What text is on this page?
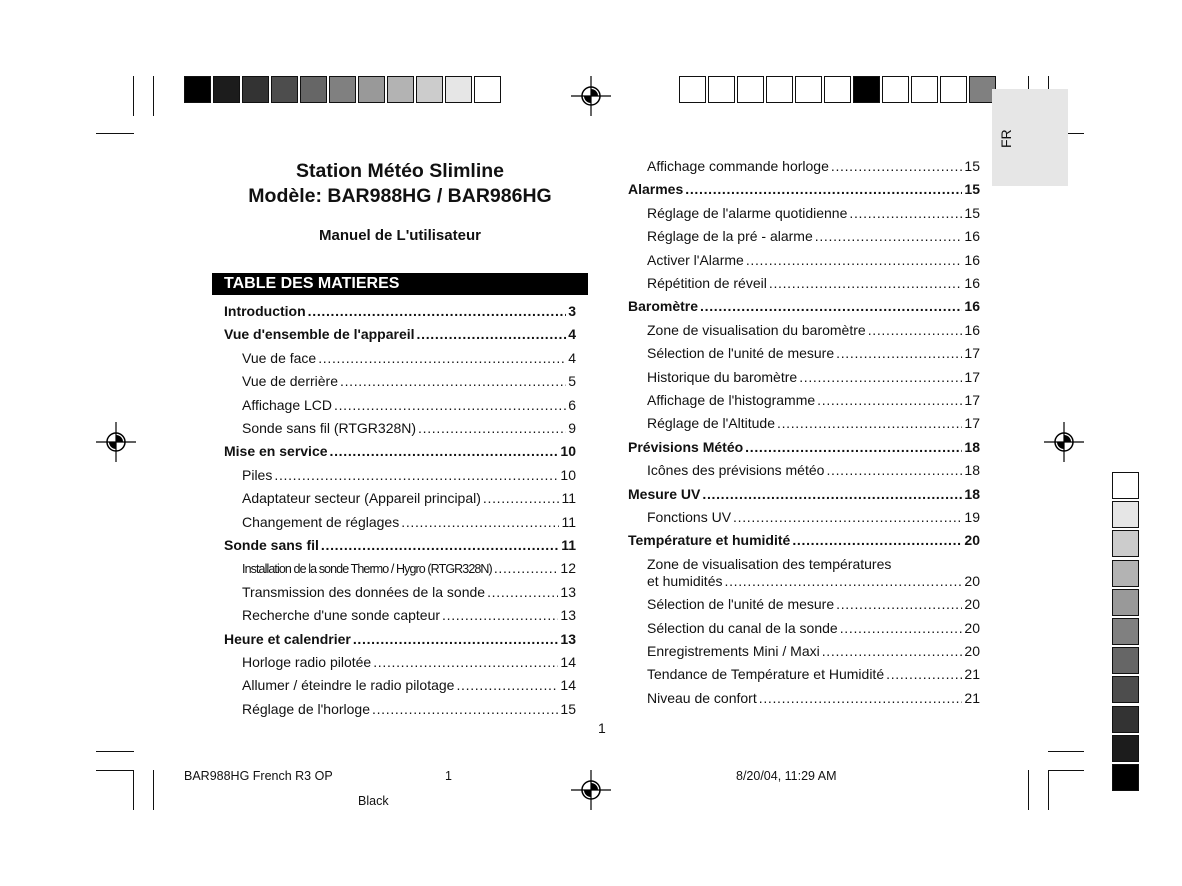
FR
Station Météo Slimline
Modèle: BAR988HG / BAR986HG
Manuel de L'utilisateur
TABLE DES MATIERES
Introduction . . .	3
Vue d'ensemble de l'appareil . . .	4
Vue de face . . .	4
Vue de derrière . . .	5
Affichage LCD . . .	6
Sonde sans fil (RTGR328N) . . .	9
Mise en service . . .	10
Piles . . .	10
Adaptateur secteur (Appareil principal) . . .	11
Changement de réglages . . .	11
Sonde sans fil . . .	11
Installation de la sonde Thermo / Hygro (RTGR328N) . . .	12
Transmission des données de la sonde . . .	13
Recherche d'une sonde capteur . . .	13
Heure et calendrier . . .	13
Horloge radio pilotée . . .	14
Allumer / éteindre le radio pilotage . . .	14
Réglage de l'horloge . . .	15
Affichage commande horloge . . .	15
Alarmes . . .	15
Réglage de l'alarme quotidienne . . .	15
Réglage de la pré - alarme . . .	16
Activer l'Alarme . . .	16
Répétition de réveil . . .	16
Baromètre . . .	16
Zone de visualisation du baromètre . . .	16
Sélection de l'unité de mesure . . .	17
Historique du baromètre . . .	17
Affichage de l'histogramme . . .	17
Réglage de l'Altitude . . .	17
Prévisions Météo . . .	18
Icônes des prévisions météo . . .	18
Mesure UV . . .	18
Fonctions UV . . .	19
Température et humidité . . .	20
Zone de visualisation des températures
et humidités . . .	20
Sélection de l'unité de mesure . . .	20
Sélection du canal de la sonde . . .	20
Enregistrements Mini / Maxi . . .	20
Tendance de Température et Humidité . . .	21
Niveau de confort . . .	21
1
BAR988HG French R3 OP	1	8/20/04, 11:29 AM
Black
